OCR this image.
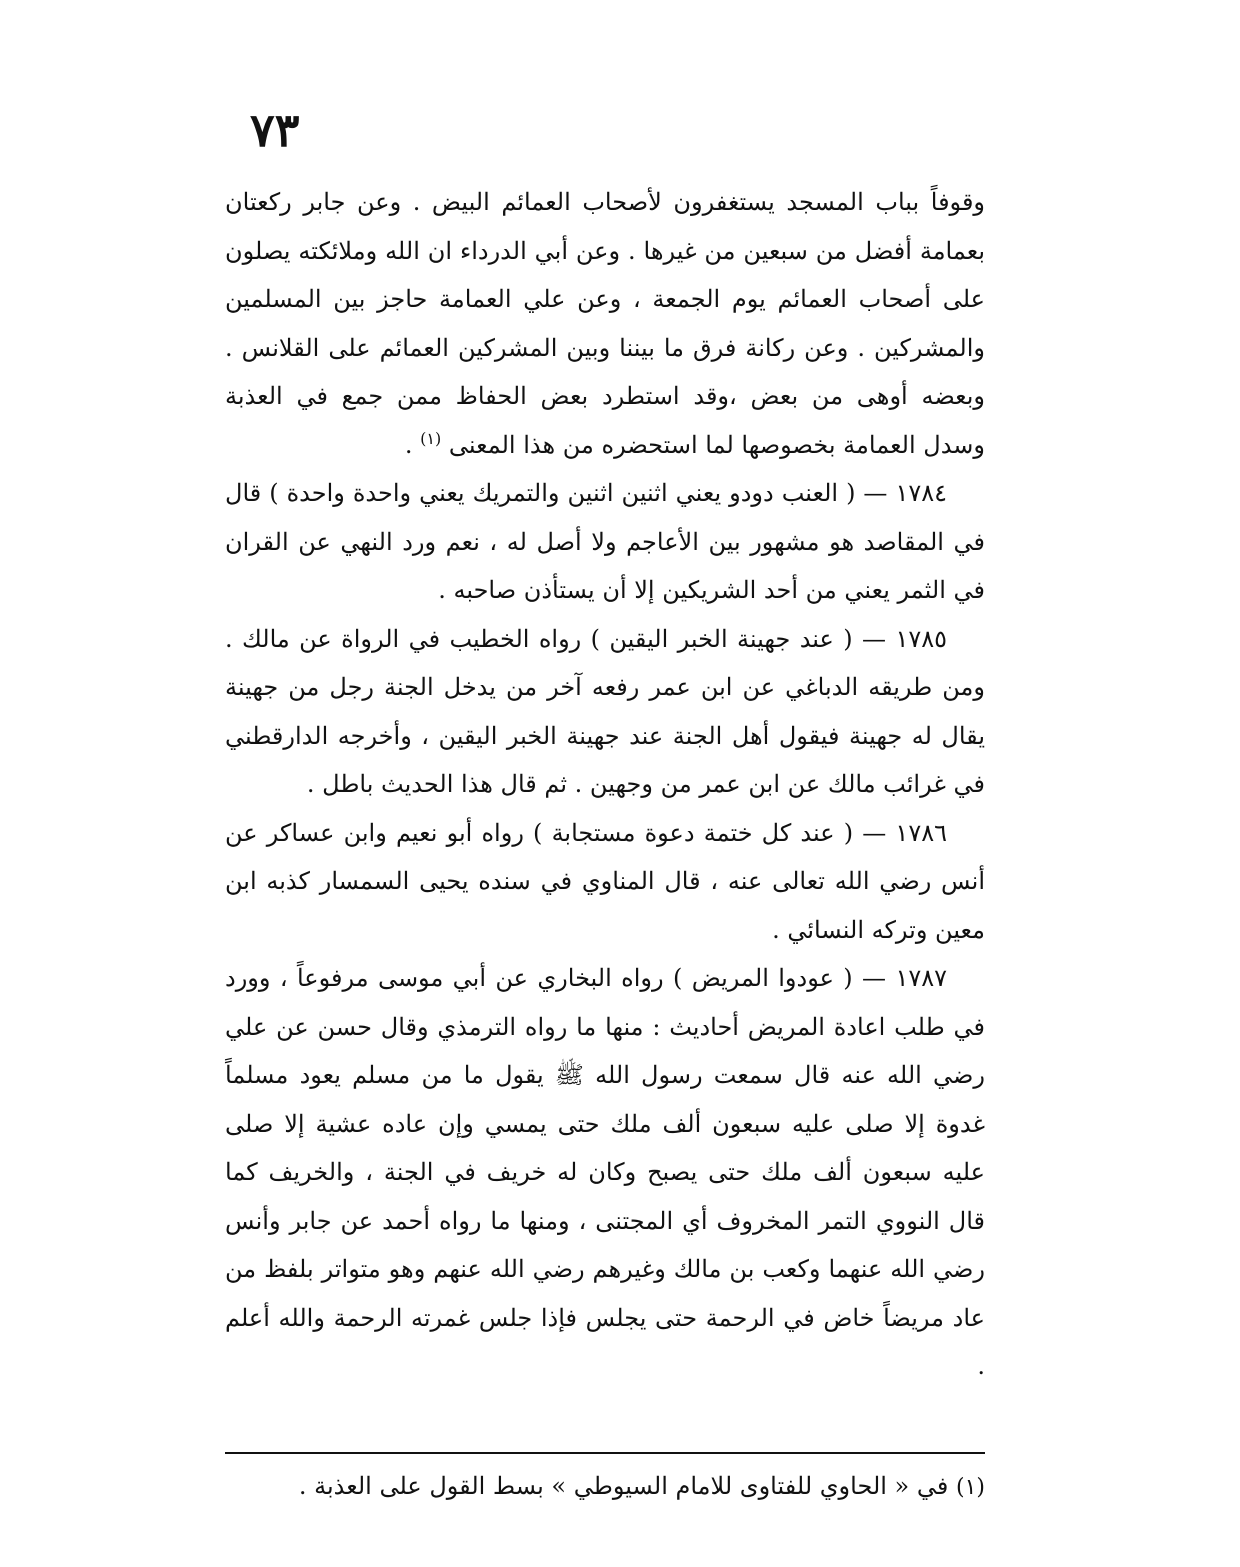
٧٣

وقوفاً بباب المسجد يستغفرون لأصحاب العمائم البيض . وعن جابر ركعتان بعمامة أفضل من سبعين من غيرها . وعن أبي الدرداء ان الله وملائكته يصلون على أصحاب العمائم يوم الجمعة ، وعن علي العمامة حاجز بين المسلمين والمشركين . وعن ركانة فرق ما بيننا وبين المشركين العمائم على القلانس . وبعضه أوهى من بعض ،وقد استطرد بعض الحفاظ ممن جمع في العذبة وسدل العمامة بخصوصها لما استحضره من هذا المعنى $^{(١)}$ .

١٧٨٤ — ( العنب دودو يعني اثنين اثنين والتمريك يعني واحدة واحدة ) قال في المقاصد هو مشهور بين الأعاجم ولا أصل له ، نعم ورد النهي عن القران في الثمر يعني من أحد الشريكين إلا أن يستأذن صاحبه .

١٧٨٥ — ( عند جهينة الخبر اليقين ) رواه الخطيب في الرواة عن مالك . ومن طريقه الدباغي عن ابن عمر رفعه آخر من يدخل الجنة رجل من جهينة يقال له جهينة فيقول أهل الجنة عند جهينة الخبر اليقين ، وأخرجه الدارقطني في غرائب مالك عن ابن عمر من وجهين . ثم قال هذا الحديث باطل .

١٧٨٦ — ( عند كل ختمة دعوة مستجابة ) رواه أبو نعيم وابن عساكر عن أنس رضي الله تعالى عنه ، قال المناوي في سنده يحيى السمسار كذبه ابن معين وتركه النسائي .

١٧٨٧ — ( عودوا المريض ) رواه البخاري عن أبي موسى مرفوعاً ، وورد في طلب اعادة المريض أحاديث : منها ما رواه الترمذي وقال حسن عن علي رضي الله عنه قال سمعت رسول الله ﷺ يقول ما من مسلم يعود مسلماً غدوة إلا صلى عليه سبعون ألف ملك حتى يمسي وإن عاده عشية إلا صلى عليه سبعون ألف ملك حتى يصبح وكان له خريف في الجنة ، والخريف كما قال النووي التمر المخروف أي المجتنى ، ومنها ما رواه أحمد عن جابر وأنس رضي الله عنهما وكعب بن مالك وغيرهم رضي الله عنهم وهو متواتر بلفظ من عاد مريضاً خاض في الرحمة حتى يجلس فإذا جلس غمرته الرحمة والله أعلم .

(١) في « الحاوي للفتاوى للامام السيوطي » بسط القول على العذبة .
